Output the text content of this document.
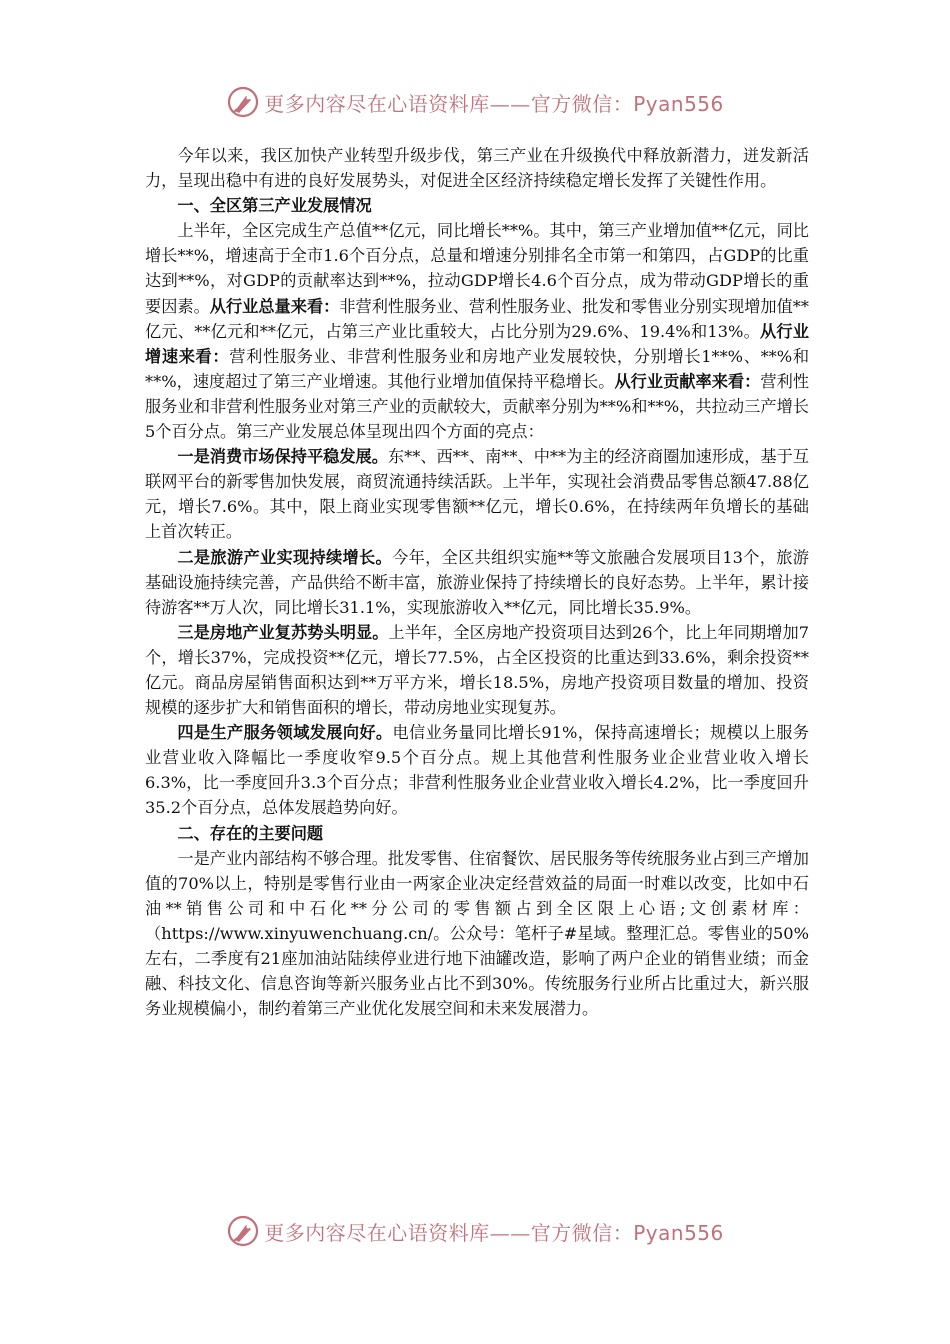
更多内容尽在心语资料库——官方微信：Pyan556

今年以来，我区加快产业转型升级步伐，第三产业在升级换代中释放新潜力，迸发新活力，呈现出稳中有进的良好发展势头，对促进全区经济持续稳定增长发挥了关键性作用。

一、全区第三产业发展情况

上半年，全区完成生产总值**亿元，同比增长**%。其中，第三产业增加值**亿元，同比增长**%，增速高于全市1.6个百分点，总量和增速分别排名全市第一和第四，占GDP的比重达到**%，对GDP的贡献率达到**%，拉动GDP增长4.6个百分点，成为带动GDP增长的重要因素。从行业总量来看：非营利性服务业、营利性服务业、批发和零售业分别实现增加值**亿元、**亿元和**亿元，占第三产业比重较大，占比分别为29.6%、19.4%和13%。从行业增速来看：营利性服务业、非营利性服务业和房地产业发展较快，分别增长1**%、**%和**%，速度超过了第三产业增速。其他行业增加值保持平稳增长。从行业贡献率来看：营利性服务业和非营利性服务业对第三产业的贡献较大，贡献率分别为**%和**%，共拉动三产增长5个百分点。第三产业发展总体呈现出四个方面的亮点：

一是消费市场保持平稳发展。东**、西**、南**、中**为主的经济商圈加速形成，基于互联网平台的新零售加快发展，商贸流通持续活跃。上半年，实现社会消费品零售总额47.88亿元，增长7.6%。其中，限上商业实现零售额**亿元，增长0.6%，在持续两年负增长的基础上首次转正。

二是旅游产业实现持续增长。今年，全区共组织实施**等文旅融合发展项目13个，旅游基础设施持续完善，产品供给不断丰富，旅游业保持了持续增长的良好态势。上半年，累计接待游客**万人次，同比增长31.1%，实现旅游收入**亿元，同比增长35.9%。

三是房地产业复苏势头明显。上半年，全区房地产投资项目达到26个，比上年同期增加7个，增长37%，完成投资**亿元，增长77.5%，占全区投资的比重达到33.6%，剩余投资**亿元。商品房屋销售面积达到**万平方米，增长18.5%，房地产投资项目数量的增加、投资规模的逐步扩大和销售面积的增长，带动房地业实现复苏。

四是生产服务领域发展向好。电信业务量同比增长91%，保持高速增长；规模以上服务业营业收入降幅比一季度收窄9.5个百分点。规上其他营利性服务业企业营业收入增长6.3%，比一季度回升3.3个百分点；非营利性服务业企业营业收入增长4.2%，比一季度回升35.2个百分点，总体发展趋势向好。

二、存在的主要问题

一是产业内部结构不够合理。批发零售、住宿餐饮、居民服务等传统服务业占到三产增加值的70%以上，特别是零售行业由一两家企业决定经营效益的局面一时难以改变，比如中石油**销售公司和中石化**分公司的零售额占到全区限上心语;文创素材库：（https://www.xinyuwenchuang.cn/。公众号：笔杆子#星域。整理汇总。零售业的50%左右，二季度有21座加油站陆续停业进行地下油罐改造，影响了两户企业的销售业绩；而金融、科技文化、信息咨询等新兴服务业占比不到30%。传统服务行业所占比重过大，新兴服务业规模偏小，制约着第三产业优化发展空间和未来发展潜力。

更多内容尽在心语资料库——官方微信：Pyan556
